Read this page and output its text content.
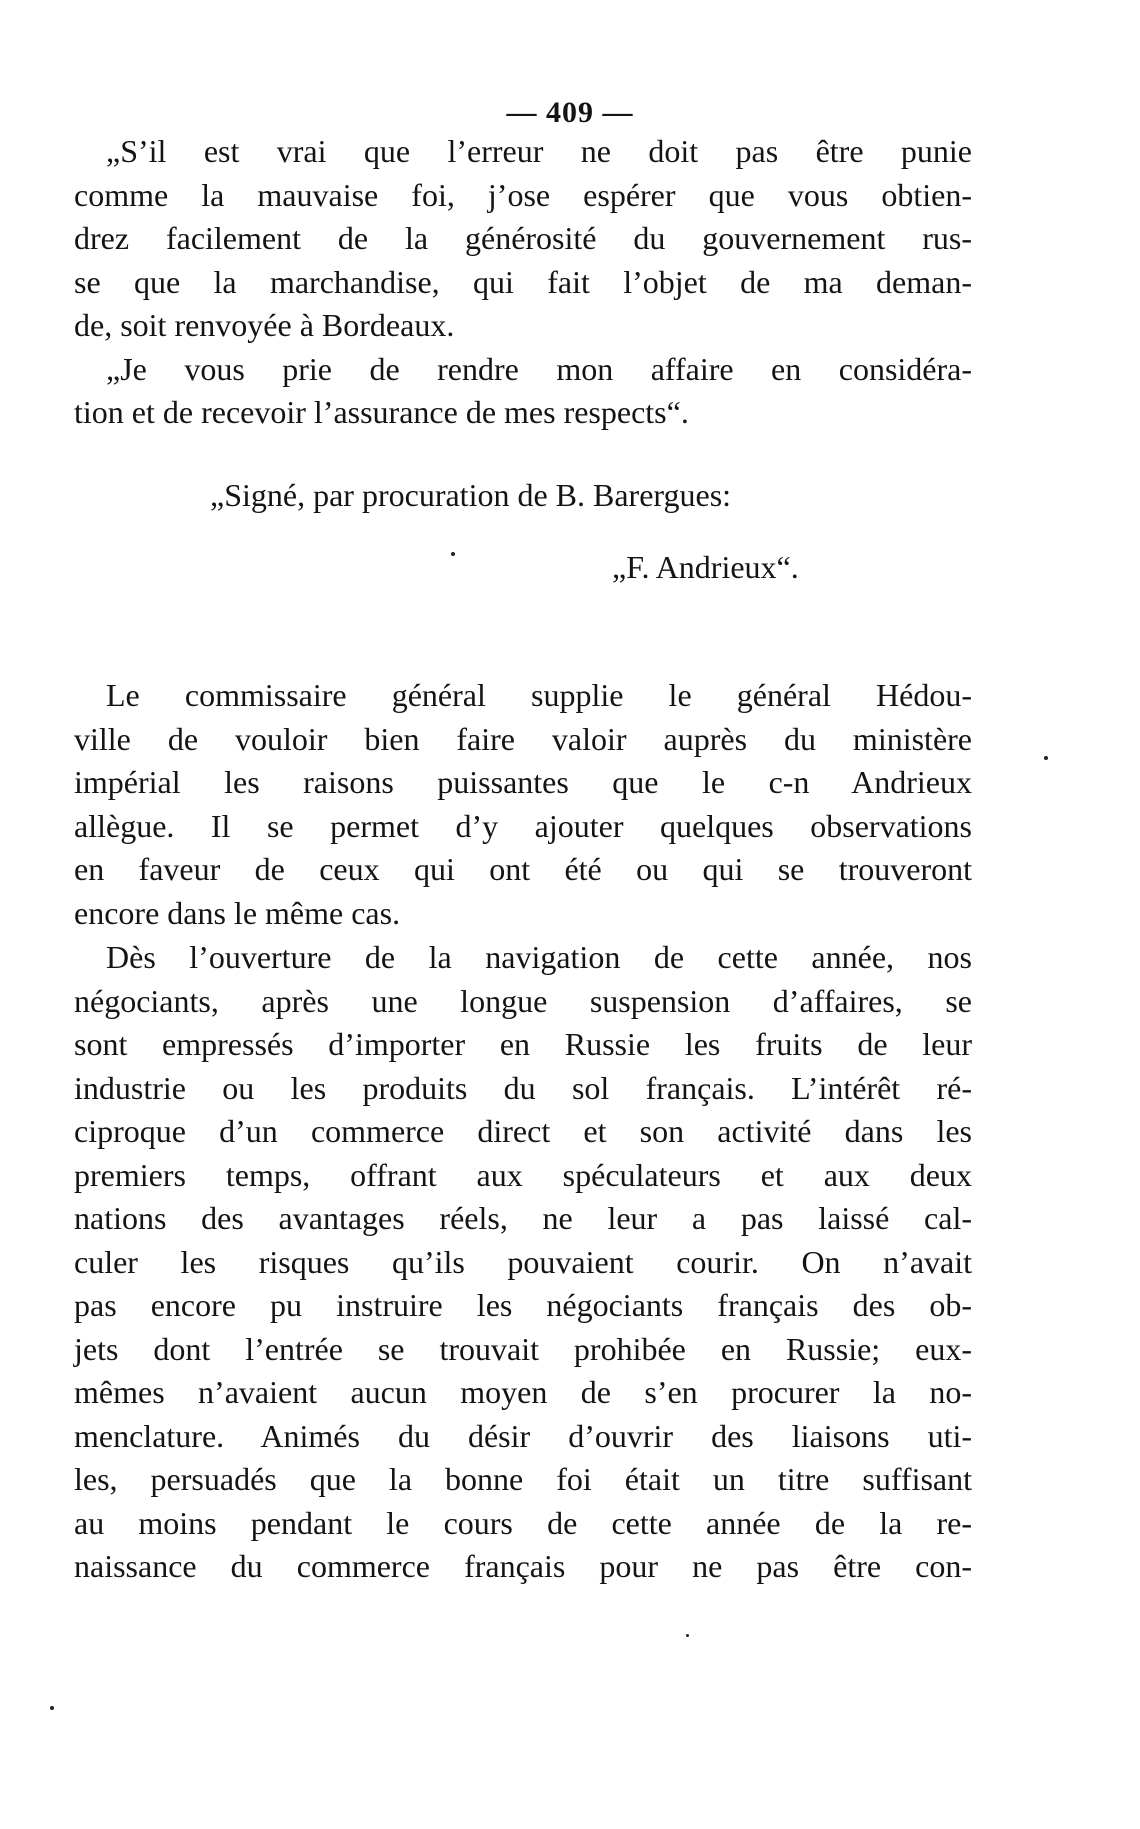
— 409 —
„S’il est vrai que l’erreur ne doit pas être punie
comme la mauvaise foi, j’ose espérer que vous obtien-
drez facilement de la générosité du gouvernement rus-
se que la marchandise, qui fait l’objet de ma deman-
de, soit renvoyée à Bordeaux.
„Je vous prie de rendre mon affaire en considéra-
tion et de recevoir l’assurance de mes respects“.
„Signé, par procuration de B. Barergues:
„F. Andrieux“.
Le commissaire général supplie le général Hédou-
ville de vouloir bien faire valoir auprès du ministère
impérial les raisons puissantes que le c-n Andrieux
allègue. Il se permet d’y ajouter quelques observations
en faveur de ceux qui ont été ou qui se trouveront
encore dans le même cas.
Dès l’ouverture de la navigation de cette année, nos
négociants, après une longue suspension d’affaires, se
sont empressés d’importer en Russie les fruits de leur
industrie ou les produits du sol français. L’intérêt ré-
ciproque d’un commerce direct et son activité dans les
premiers temps, offrant aux spéculateurs et aux deux
nations des avantages réels, ne leur a pas laissé cal-
culer les risques qu’ils pouvaient courir. On n’avait
pas encore pu instruire les négociants français des ob-
jets dont l’entrée se trouvait prohibée en Russie; eux-
mêmes n’avaient aucun moyen de s’en procurer la no-
menclature. Animés du désir d’ouvrir des liaisons uti-
les, persuadés que la bonne foi était un titre suffisant
au moins pendant le cours de cette année de la re-
naissance du commerce français pour ne pas être con-
